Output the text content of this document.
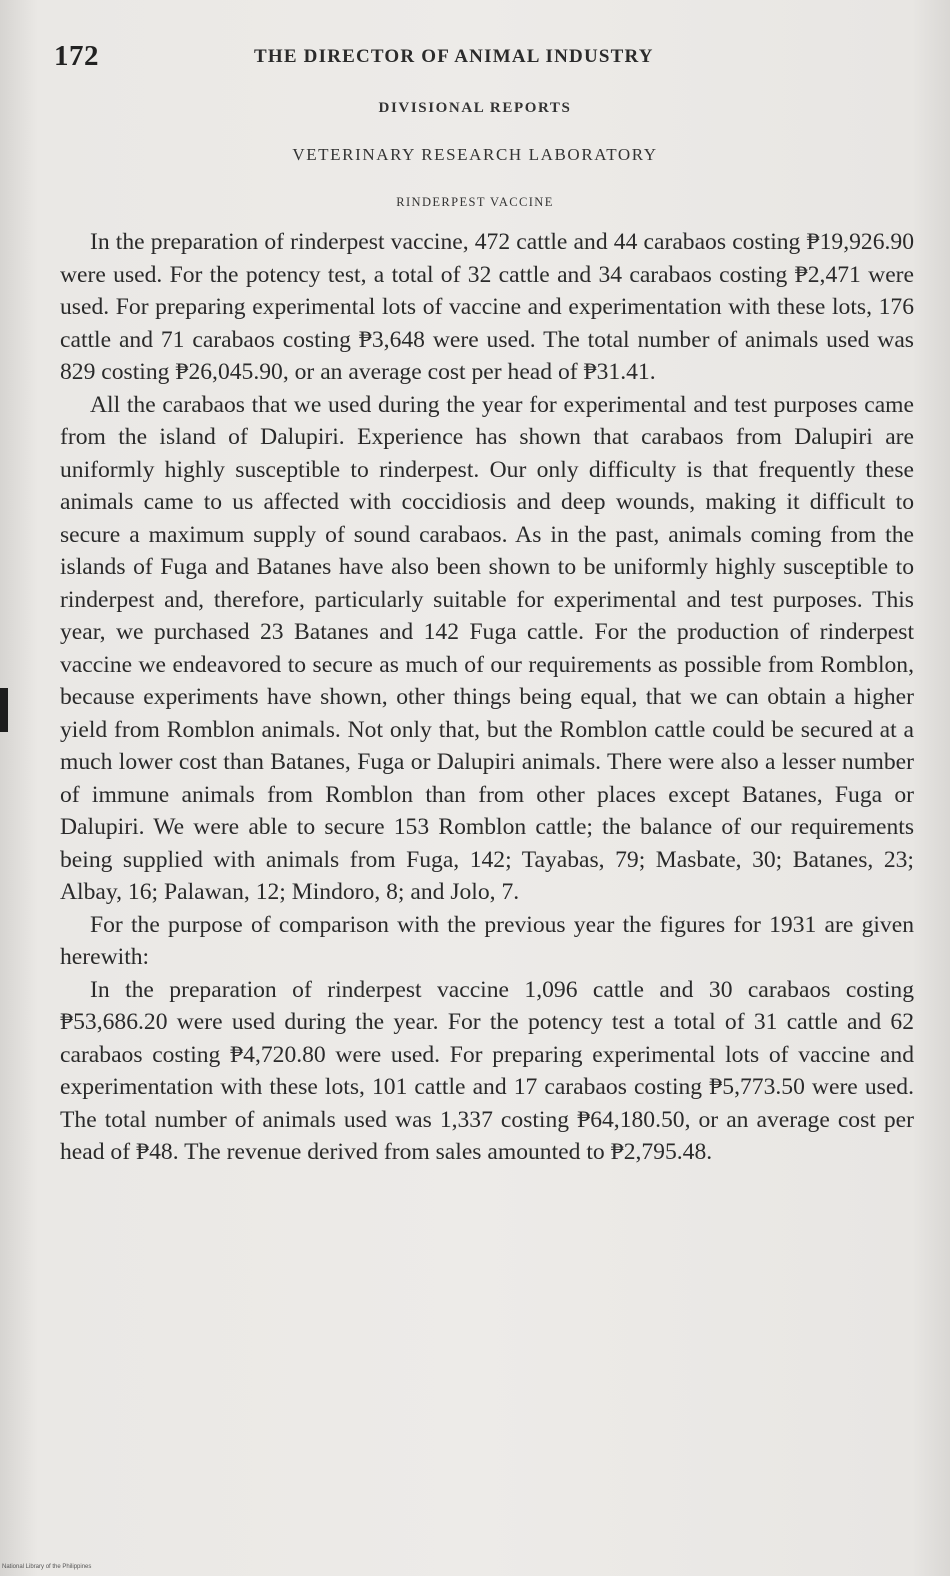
172	THE DIRECTOR OF ANIMAL INDUSTRY
DIVISIONAL REPORTS
VETERINARY RESEARCH LABORATORY
RINDERPEST VACCINE

In the preparation of rinderpest vaccine, 472 cattle and 44 carabaos costing ₱19,926.90 were used. For the potency test, a total of 32 cattle and 34 carabaos costing ₱2,471 were used. For preparing experimental lots of vaccine and experimentation with these lots, 176 cattle and 71 carabaos costing ₱3,648 were used. The total number of animals used was 829 costing ₱26,045.90, or an average cost per head of ₱31.41.

All the carabaos that we used during the year for experimental and test purposes came from the island of Dalupiri. Experience has shown that carabaos from Dalupiri are uniformly highly susceptible to rinderpest. Our only difficulty is that frequently these animals came to us affected with coccidiosis and deep wounds, making it difficult to secure a maximum supply of sound carabaos. As in the past, animals coming from the islands of Fuga and Batanes have also been shown to be uniformly highly susceptible to rinderpest and, therefore, particularly suitable for experimental and test purposes. This year, we purchased 23 Batanes and 142 Fuga cattle. For the production of rinderpest vaccine we endeavored to secure as much of our requirements as possible from Romblon, because experiments have shown, other things being equal, that we can obtain a higher yield from Romblon animals. Not only that, but the Romblon cattle could be secured at a much lower cost than Batanes, Fuga or Dalupiri animals. There were also a lesser number of immune animals from Romblon than from other places except Batanes, Fuga or Dalupiri. We were able to secure 153 Romblon cattle; the balance of our requirements being supplied with animals from Fuga, 142; Tayabas, 79; Masbate, 30; Batanes, 23; Albay, 16; Palawan, 12; Mindoro, 8; and Jolo, 7.

For the purpose of comparison with the previous year the figures for 1931 are given herewith:

In the preparation of rinderpest vaccine 1,096 cattle and 30 carabaos costing ₱53,686.20 were used during the year. For the potency test a total of 31 cattle and 62 carabaos costing ₱4,720.80 were used. For preparing experimental lots of vaccine and experimentation with these lots, 101 cattle and 17 carabaos costing ₱5,773.50 were used. The total number of animals used was 1,337 costing ₱64,180.50, or an average cost per head of ₱48. The revenue derived from sales amounted to ₱2,795.48.

National Library of the Philippines
